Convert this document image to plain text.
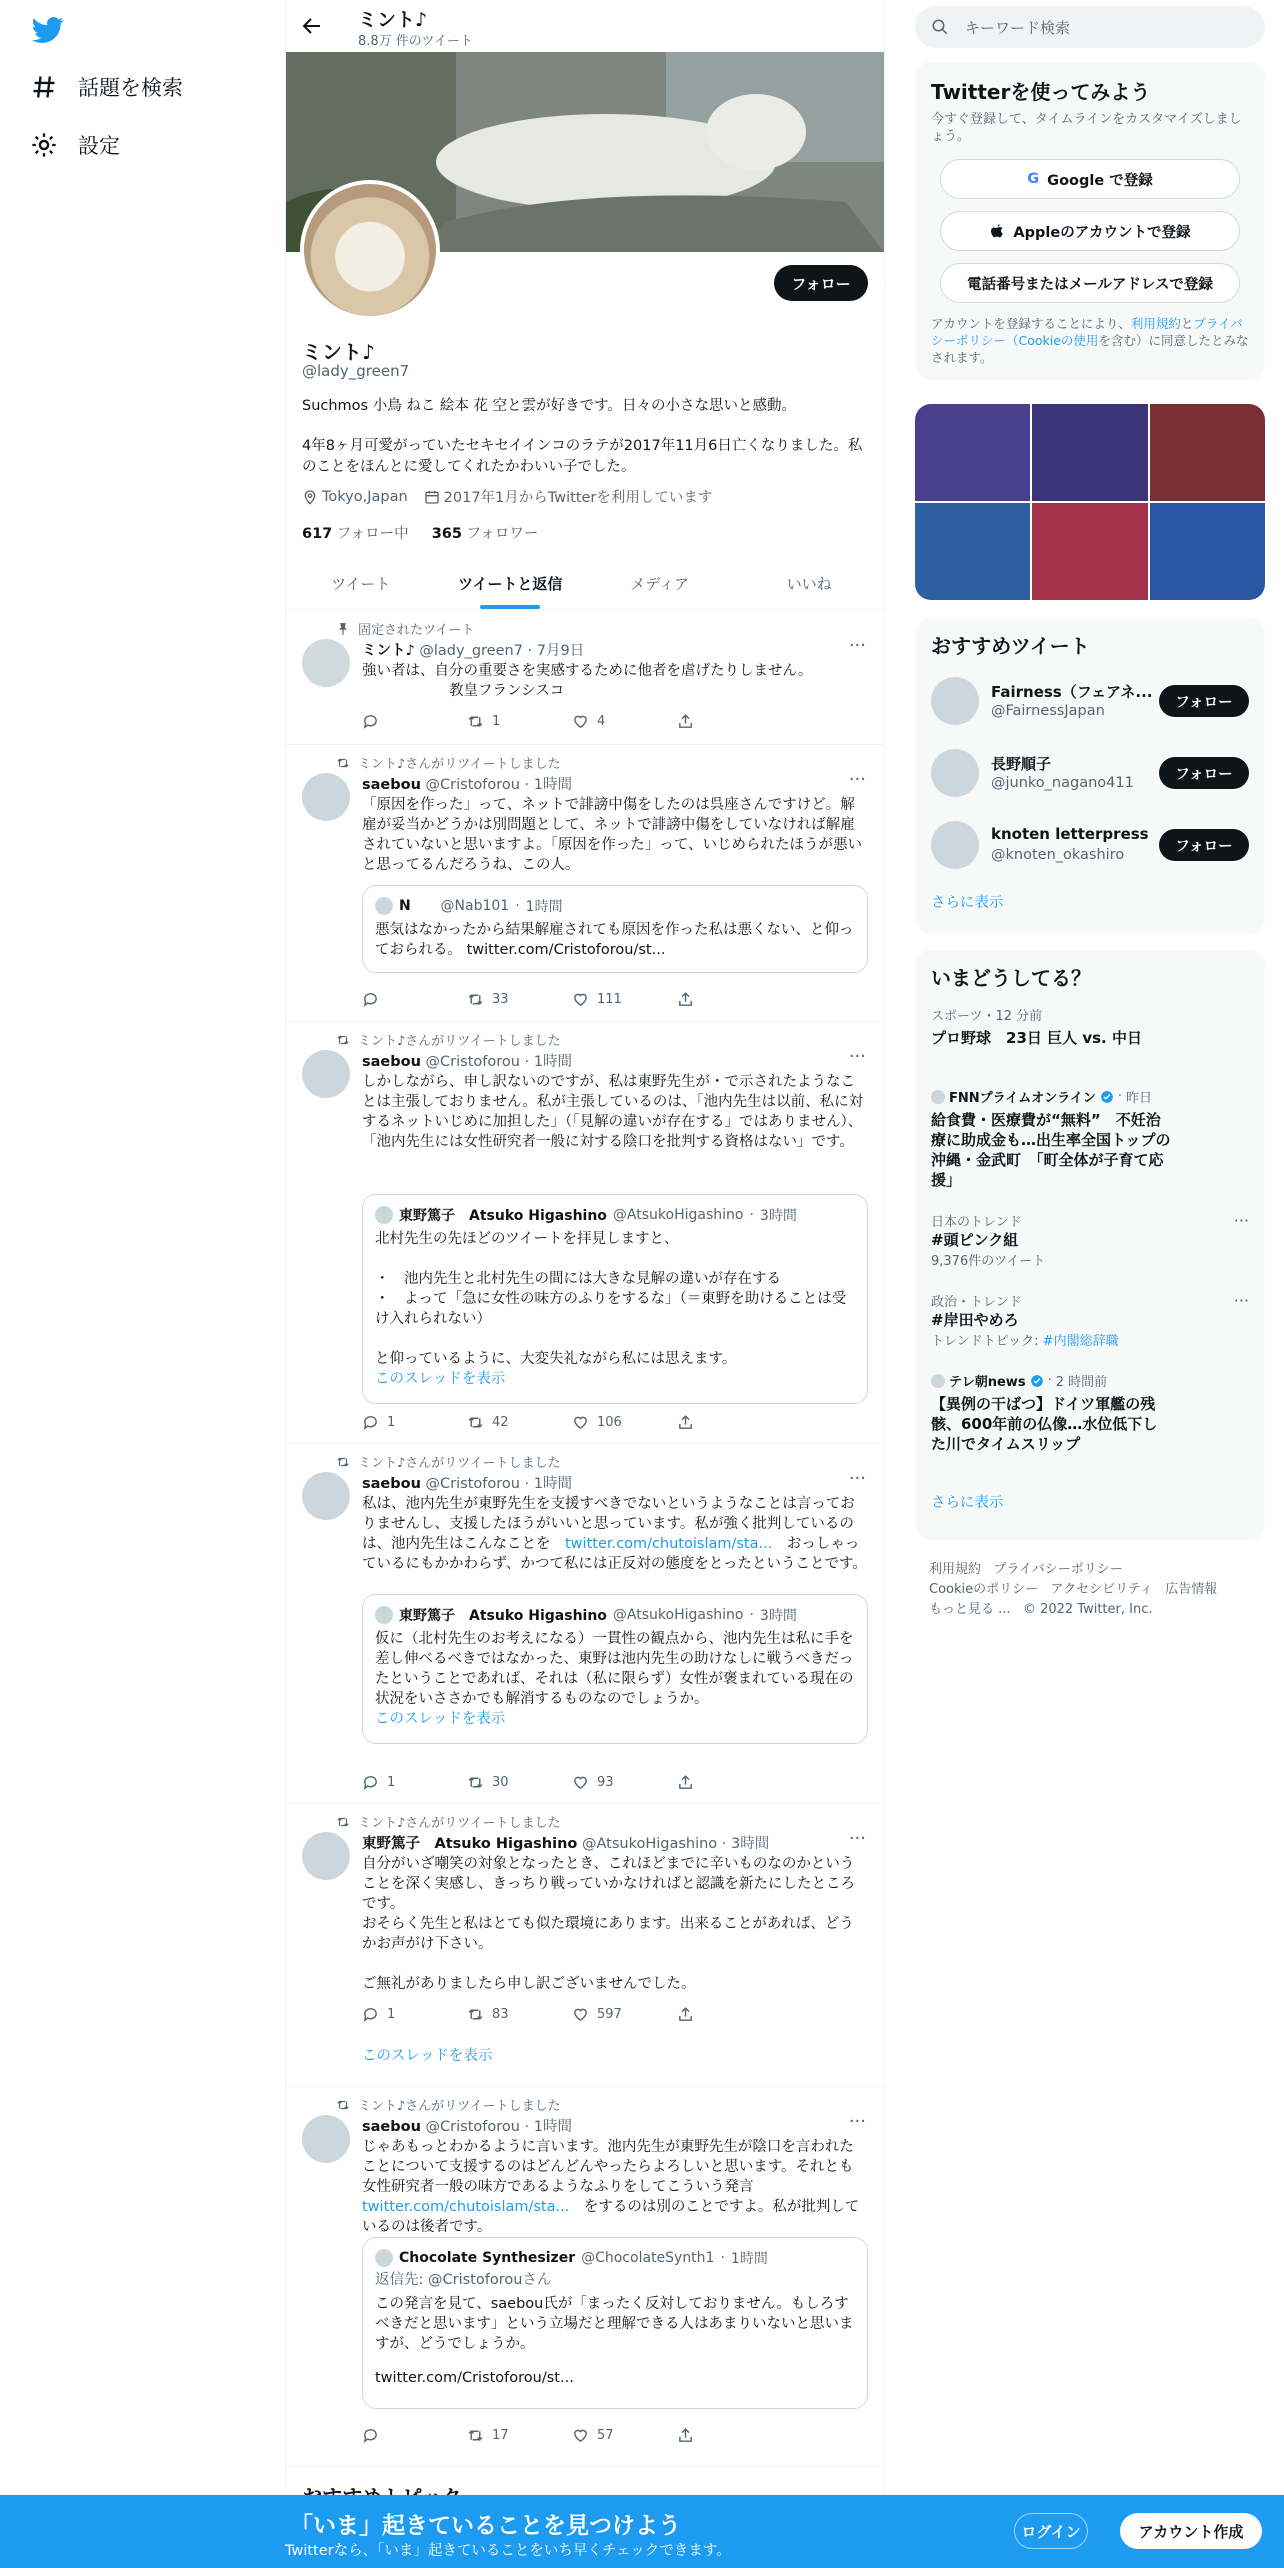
話題を検索
設定
ミント♪
8.8万 件のツイート
フォロー
ミント♪
@lady_green7
Suchmos 小鳥 ねこ 絵本 花 空と雲が好きです。日々の小さな思いと感動。
4年8ヶ月可愛がっていたセキセイインコのラテが2017年11月6日亡くなりました。私のことをほんとに愛してくれたかわいい子でした。
Tokyo,Japan 2017年1月からTwitterを利用しています
617 フォロー中 365 フォロワー
ツイート	ツイートと返信	メディア	いいね
固定されたツイート
ミント♪ @lady_green7 · 7月9日	···
強い者は、自分の重要さを実感するために他者を虐げたりしません。
　　　　　　教皇フランシスコ
1	4
ミント♪さんがリツイートしました
saebou @Cristoforou · 1時間	···
「原因を作った」って、ネットで誹謗中傷をしたのは呉座さんですけど。解雇が妥当かどうかは別問題として、ネットで誹謗中傷をしていなければ解雇されていないと思いますよ。「原因を作った」って、いじめられたほうが悪いと思ってるんだろうね、この人。
N
@Nab101 · 1時間
悪気はなかったから結果解雇されても原因を作った私は悪くない、と仰っておられる。 twitter.com/Cristoforou/st...
33	111
ミント♪さんがリツイートしました
saebou @Cristoforou · 1時間	···
しかしながら、申し訳ないのですが、私は東野先生が・で示されたようなことは主張しておりません。私が主張しているのは、「池内先生は以前、私に対するネットいじめに加担した」（「見解の違いが存在する」ではありません）、「池内先生には女性研究者一般に対する陰口を批判する資格はない」です。
東野篤子　Atsuko Higashino @AtsukoHigashino · 3時間
北村先生の先ほどのツイートを拝見しますと、

・　池内先生と北村先生の間には大きな見解の違いが存在する
・　よって「急に女性の味方のふりをするな」（＝東野を助けることは受け入れられない）

と仰っているように、大変失礼ながら私には思えます。
このスレッドを表示
1	42	106
ミント♪さんがリツイートしました
saebou @Cristoforou · 1時間	···
私は、池内先生が東野先生を支援すべきでないというようなことは言っておりませんし、支援したほうがいいと思っています。私が強く批判しているのは、池内先生はこんなことを　 twitter.com/chutoislam/sta...　 おっしゃっているにもかかわらず、かつて私には正反対の態度をとったということです。
東野篤子　Atsuko Higashino @AtsukoHigashino · 3時間
仮に（北村先生のお考えになる）一貫性の観点から、池内先生は私に手を差し伸べるべきではなかった、東野は池内先生の助けなしに戦うべきだったということであれば、それは（私に限らず）女性が褒まれている現在の状況をいささかでも解消するものなのでしょうか。
このスレッドを表示
1	30	93
ミント♪さんがリツイートしました
東野篤子　Atsuko Higashino @AtsukoHigashino · 3時間	···
自分がいざ嘲笑の対象となったとき、これほどまでに辛いものなのかということを深く実感し、きっちり戦っていかなければと認識を新たにしたところです。
おそらく先生と私はとても似た環境にあります。出来ることがあれば、どうかお声がけ下さい。

ご無礼がありましたら申し訳ございませんでした。
1	83	597
このスレッドを表示
ミント♪さんがリツイートしました
saebou @Cristoforou · 1時間	···
じゃあもっとわかるように言います。池内先生が東野先生が陰口を言われたことについて支援するのはどんどんやったらよろしいと思います。それとも女性研究者一般の味方であるようなふりをしてこういう発言 twitter.com/chutoislam/sta...　 をするのは別のことですよ。私が批判しているのは後者です。
Chocolate Synthesizer @ChocolateSynth1 · 1時間
返信先: @Cristoforouさん
この発言を見て、saebou氏が「まったく反対しておりません。もしろすべきだと思います」という立場だと理解できる人はあまりいないと思いますが、どうでしょうか。
twitter.com/Cristoforou/st...
17	57
キーワード検索
Twitterを使ってみよう
今すぐ登録して、タイムラインをカスタマイズしましょう。
G Google で登録
Appleのアカウントで登録
電話番号またはメールアドレスで登録
アカウントを登録することにより、利用規約とプライバシーポリシー（Cookieの使用を含む）に同意したとみなされます。
おすすめツイート
Fairness（フェアネ...
@FairnessJapan
フォロー
長野順子
@junko_nagano411
フォロー
knoten letterpress
@knoten_okashiro
フォロー
さらに表示
いまどうしてる？
スポーツ・12 分前
プロ野球　23日 巨人 vs. 中日
FNNプライムオンライン · 昨日
給食費・医療費が“無料”　不妊治療に助成金も…出生率全国トップの沖縄・金武町　「町全体が子育て応援」
日本のトレンド
#頭ピンク組
9,376件のツイート
···
政治・トレンド
#岸田やめろ
トレンドトピック: #内閣総辞職
···
テレ朝news · 2 時間前
【異例の干ばつ】ドイツ軍艦の残骸、600年前の仏像…水位低下した川でタイムスリップ
さらに表示
利用規約 プライバシーポリシー
Cookieのポリシー アクセシビリティ 広告情報
もっと見る ... © 2022 Twitter, Inc.
「いま」起きていることを見つけよう
Twitterなら、「いま」起きていることをいち早くチェックできます。
ログイン	アカウント作成
